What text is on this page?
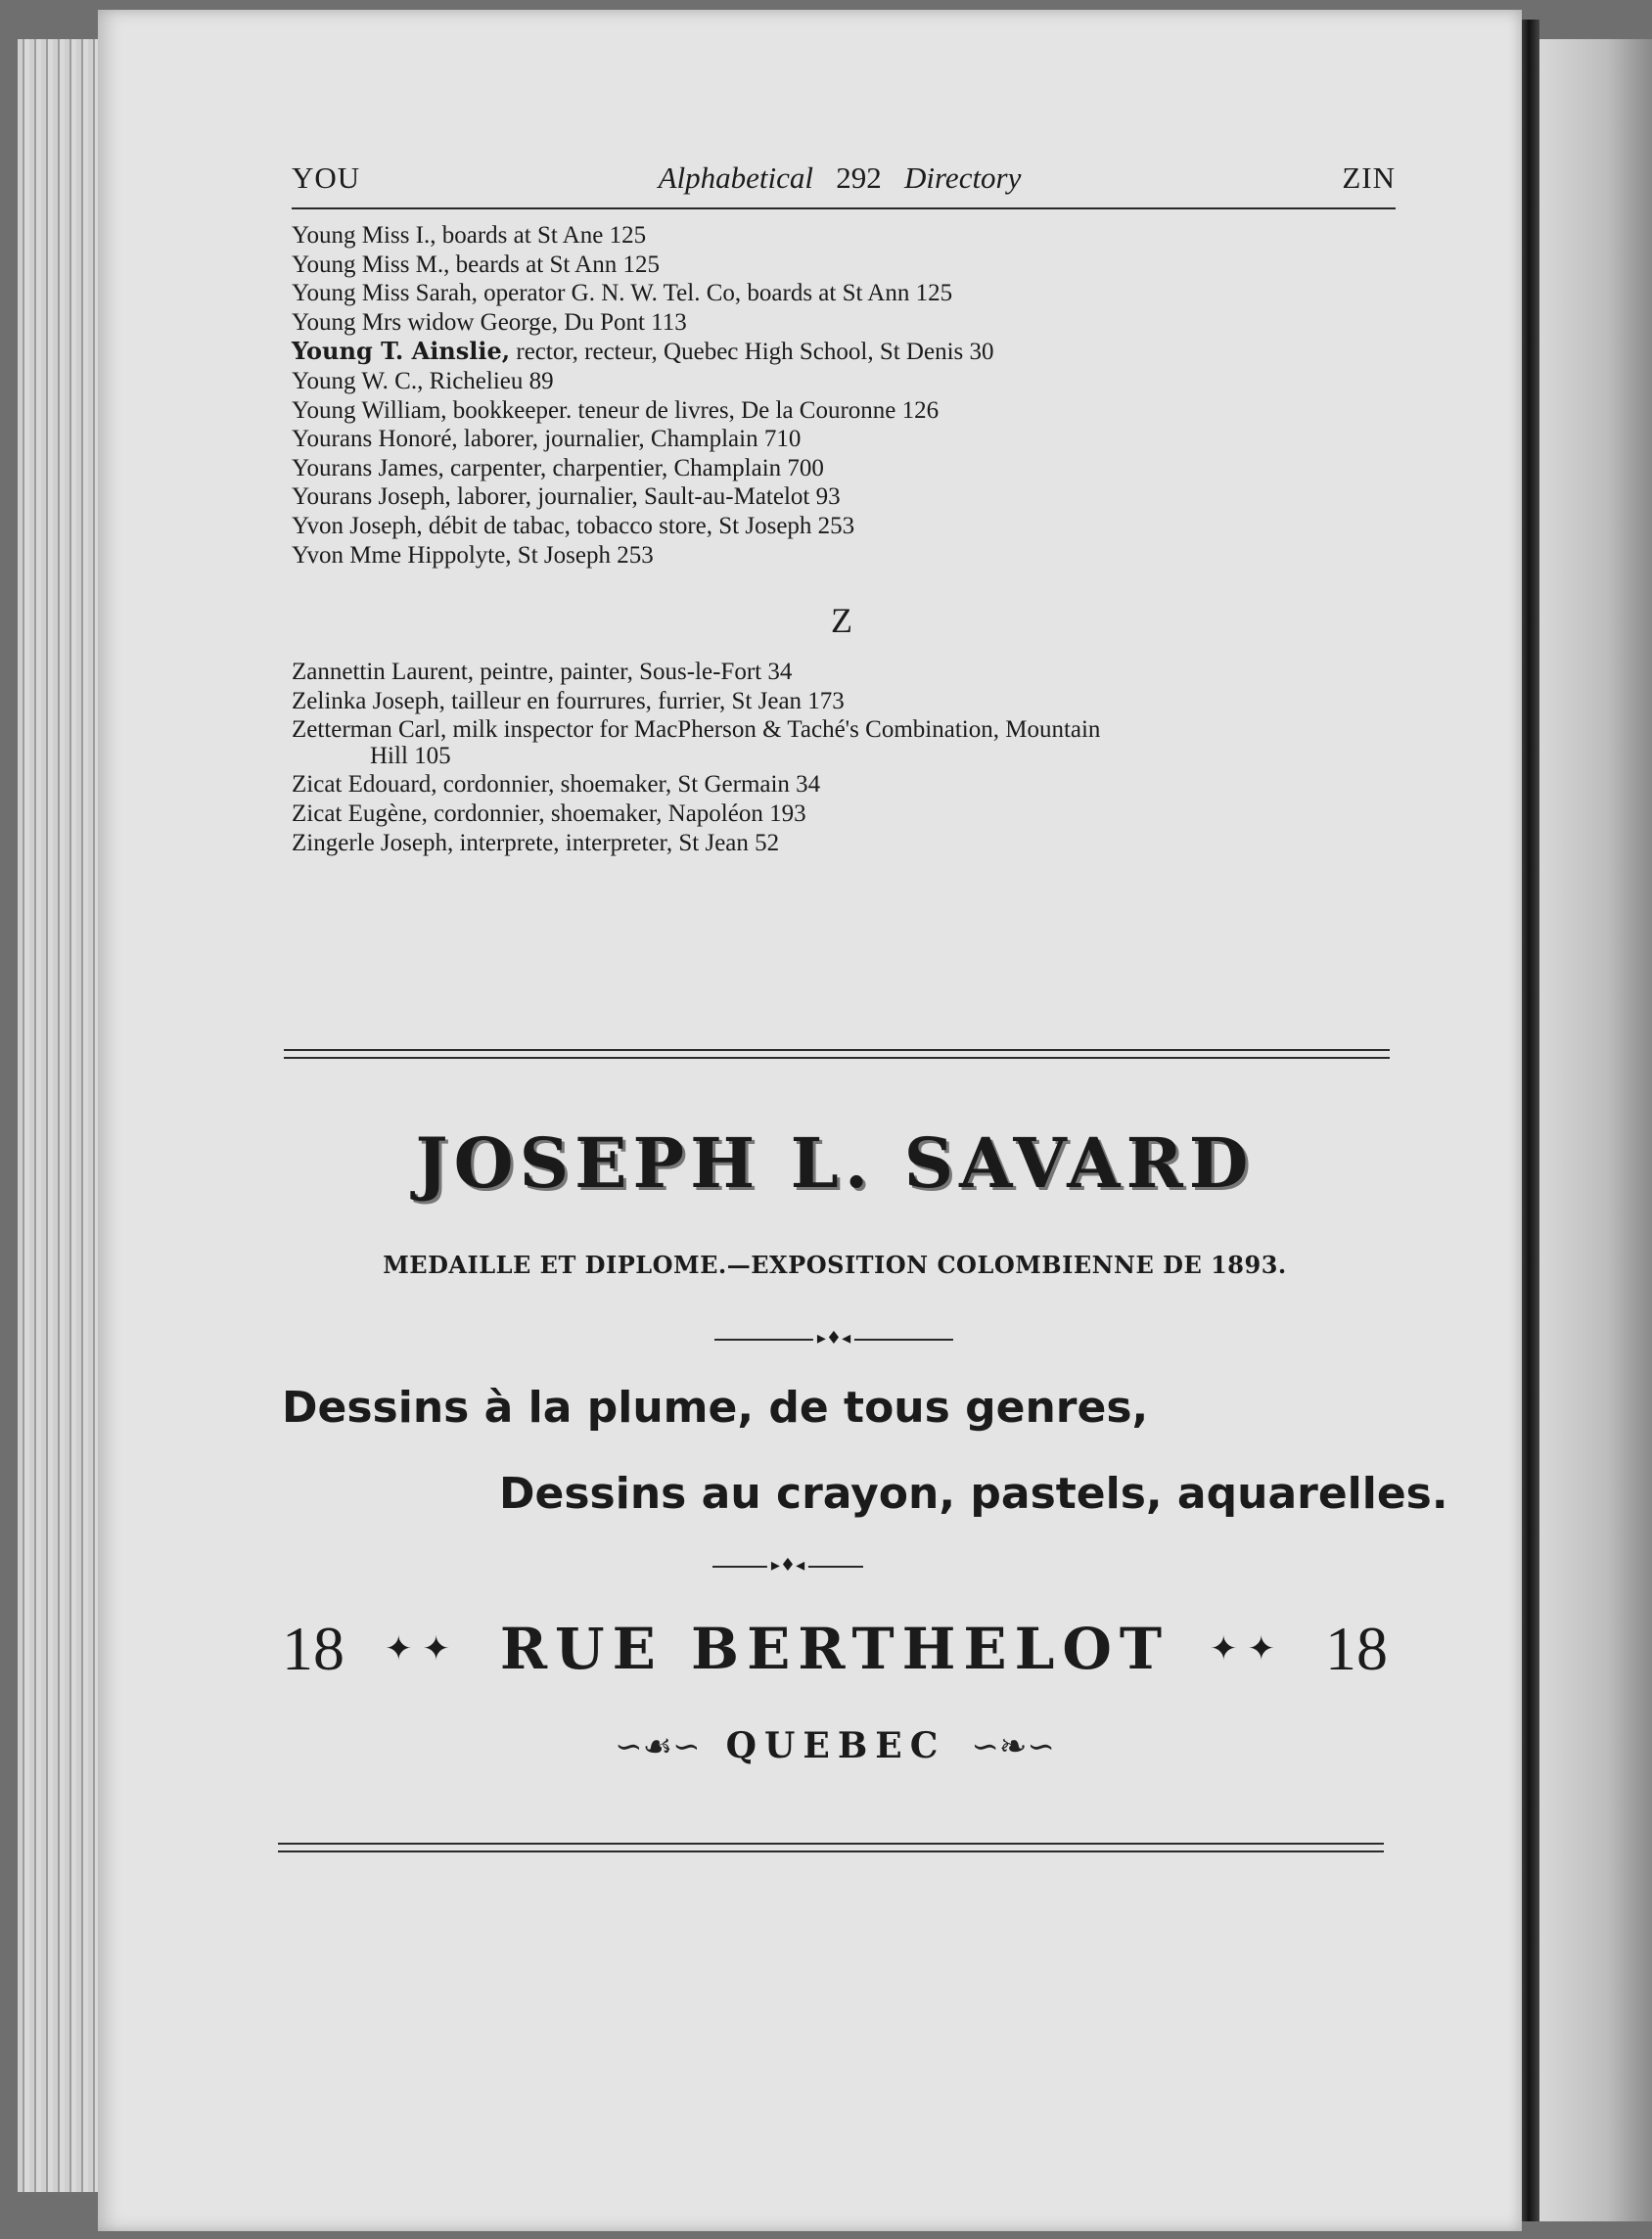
YOU	Alphabetical 292 Directory	ZIN
Young Miss I., boards at St Ane 125
Young Miss M., beards at St Ann 125
Young Miss Sarah, operator G. N. W. Tel. Co, boards at St Ann 125
Young Mrs widow George, Du Pont 113
Young T. Ainslie, rector, recteur, Quebec High School, St Denis 30
Young W. C., Richelieu 89
Young William, bookkeeper. teneur de livres, De la Couronne 126
Yourans Honoré, laborer, journalier, Champlain 710
Yourans James, carpenter, charpentier, Champlain 700
Yourans Joseph, laborer, journalier, Sault-au-Matelot 93
Yvon Joseph, débit de tabac, tobacco store, St Joseph 253
Yvon Mme Hippolyte, St Joseph 253
Z
Zannettin Laurent, peintre, painter, Sous-le-Fort 34
Zelinka Joseph, tailleur en fourrures, furrier, St Jean 173
Zetterman Carl, milk inspector for MacPherson & Taché's Combination, Mountain
Hill 105
Zicat Edouard, cordonnier, shoemaker, St Germain 34
Zicat Eugène, cordonnier, shoemaker, Napoléon 193
Zingerle Joseph, interprete, interpreter, St Jean 52
JOSEPH L. SAVARD
MEDAILLE ET DIPLOME.—EXPOSITION COLOMBIENNE DE 1893.
▸♦◂
Dessins à la plume, de tous genres,
Dessins au crayon, pastels, aquarelles.
▸♦◂
18 ✦✦ RUE BERTHELOT ✦✦ 18
∽☙∽ QUEBEC ∽❧∽
